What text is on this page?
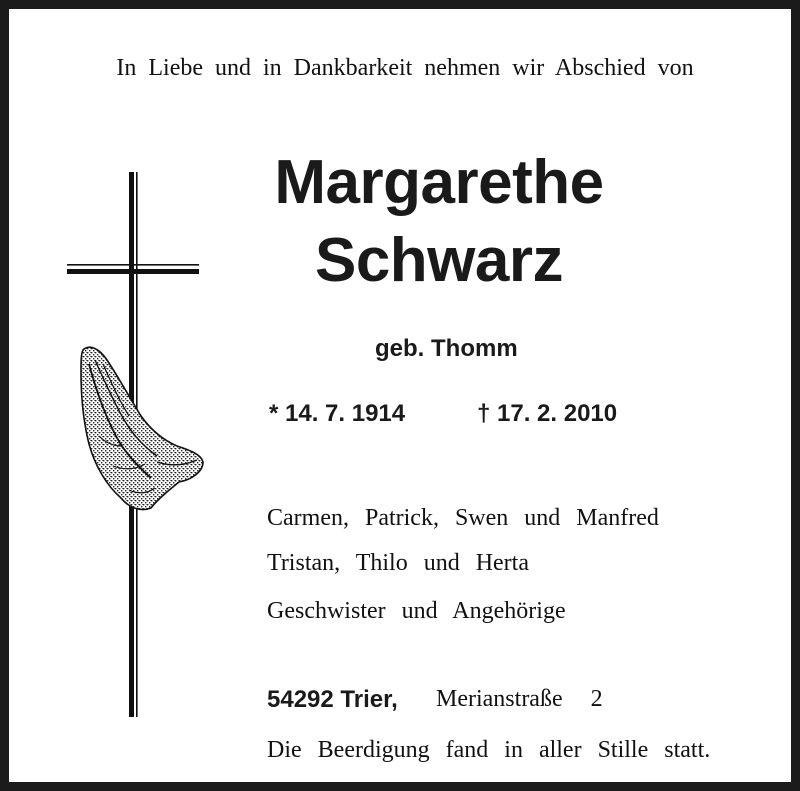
In Liebe und in Dankbarkeit nehmen wir Abschied von
Margarethe
Schwarz
geb. Thomm
* 14. 7. 1914	† 17. 2. 2010
Carmen, Patrick, Swen und Manfred
Tristan, Thilo und Herta
Geschwister und Angehörige
54292 Trier, Merianstraße 2
Die Beerdigung fand in aller Stille statt.
